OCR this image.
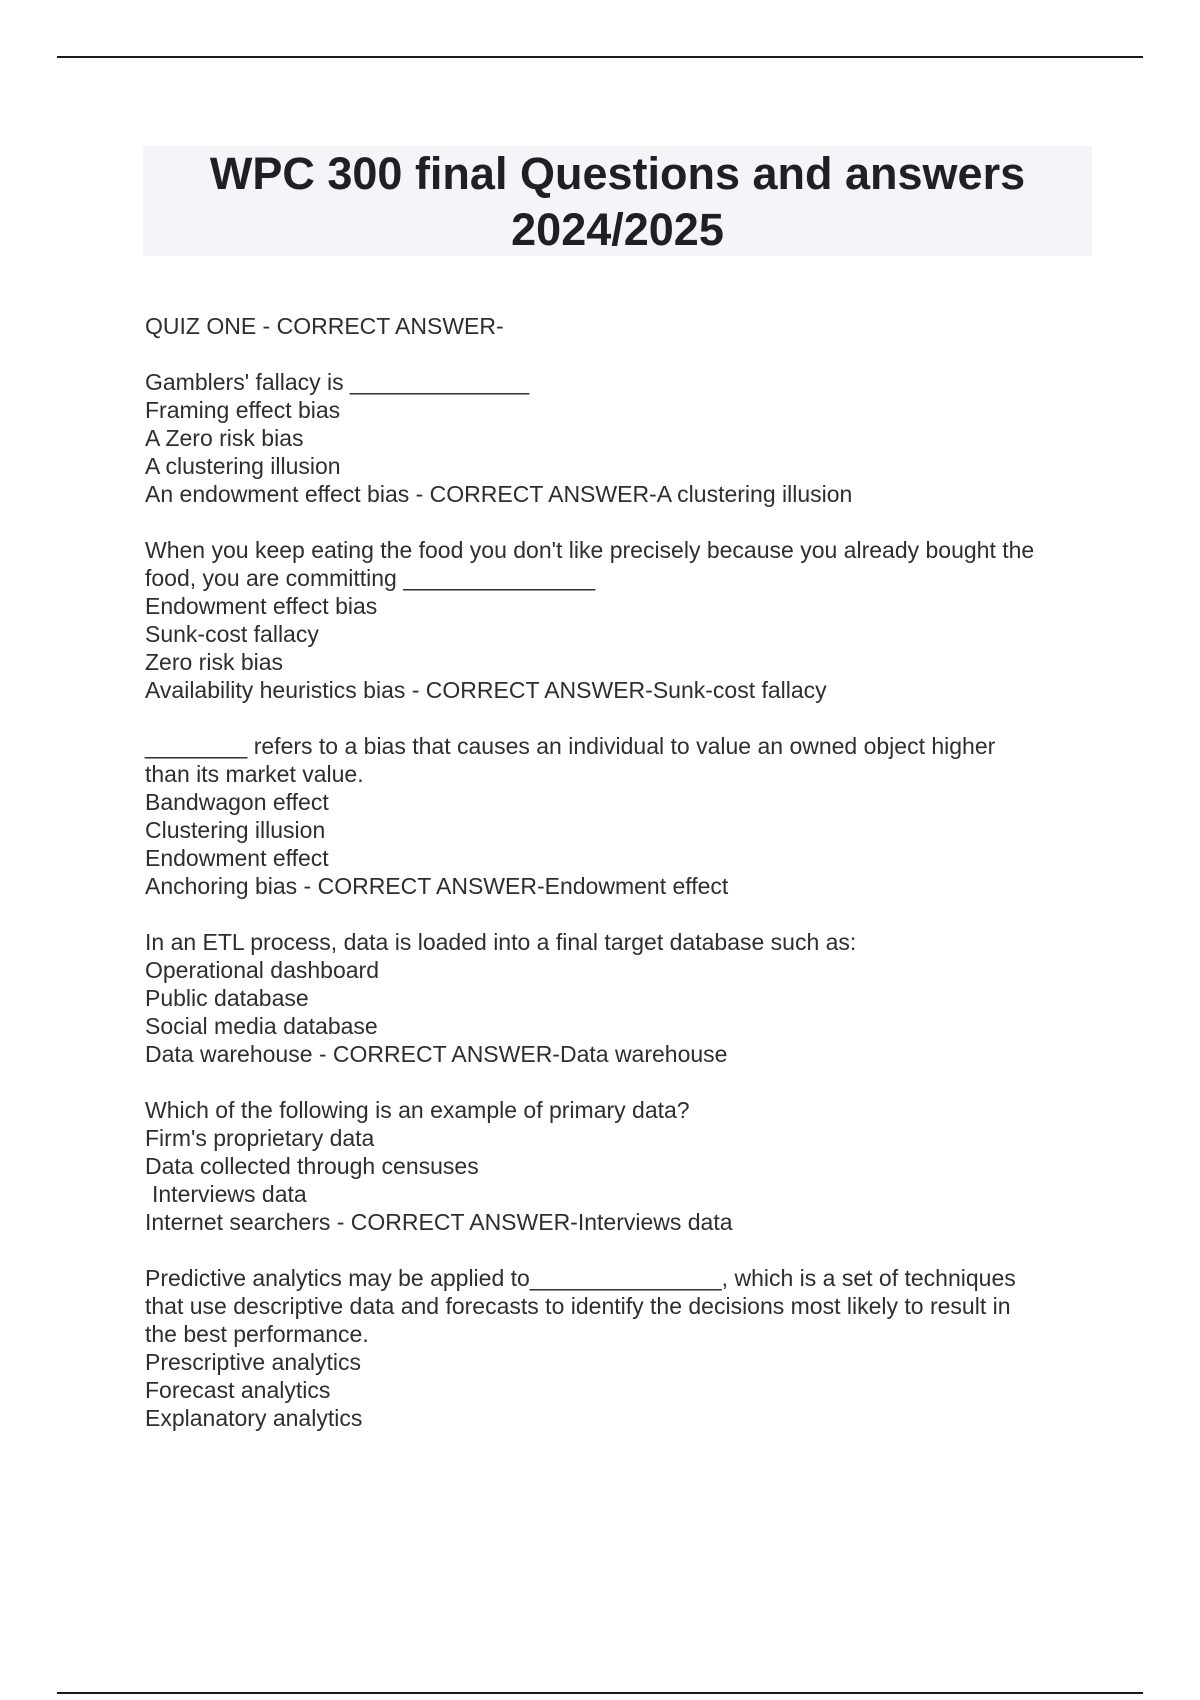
WPC 300 final Questions and answers
2024/2025
QUIZ ONE - CORRECT ANSWER-
Gamblers' fallacy is ______________
Framing effect bias
A Zero risk bias
A clustering illusion
An endowment effect bias - CORRECT ANSWER-A clustering illusion
When you keep eating the food you don't like precisely because you already bought the
food, you are committing _______________
Endowment effect bias
Sunk-cost fallacy
Zero risk bias
Availability heuristics bias - CORRECT ANSWER-Sunk-cost fallacy
________ refers to a bias that causes an individual to value an owned object higher
than its market value.
Bandwagon effect
Clustering illusion
Endowment effect
Anchoring bias - CORRECT ANSWER-Endowment effect
In an ETL process, data is loaded into a final target database such as:
Operational dashboard
Public database
Social media database
Data warehouse - CORRECT ANSWER-Data warehouse
Which of the following is an example of primary data?
Firm's proprietary data
Data collected through censuses
Interviews data
Internet searchers - CORRECT ANSWER-Interviews data
Predictive analytics may be applied to_______________, which is a set of techniques
that use descriptive data and forecasts to identify the decisions most likely to result in
the best performance.
Prescriptive analytics
Forecast analytics
Explanatory analytics
